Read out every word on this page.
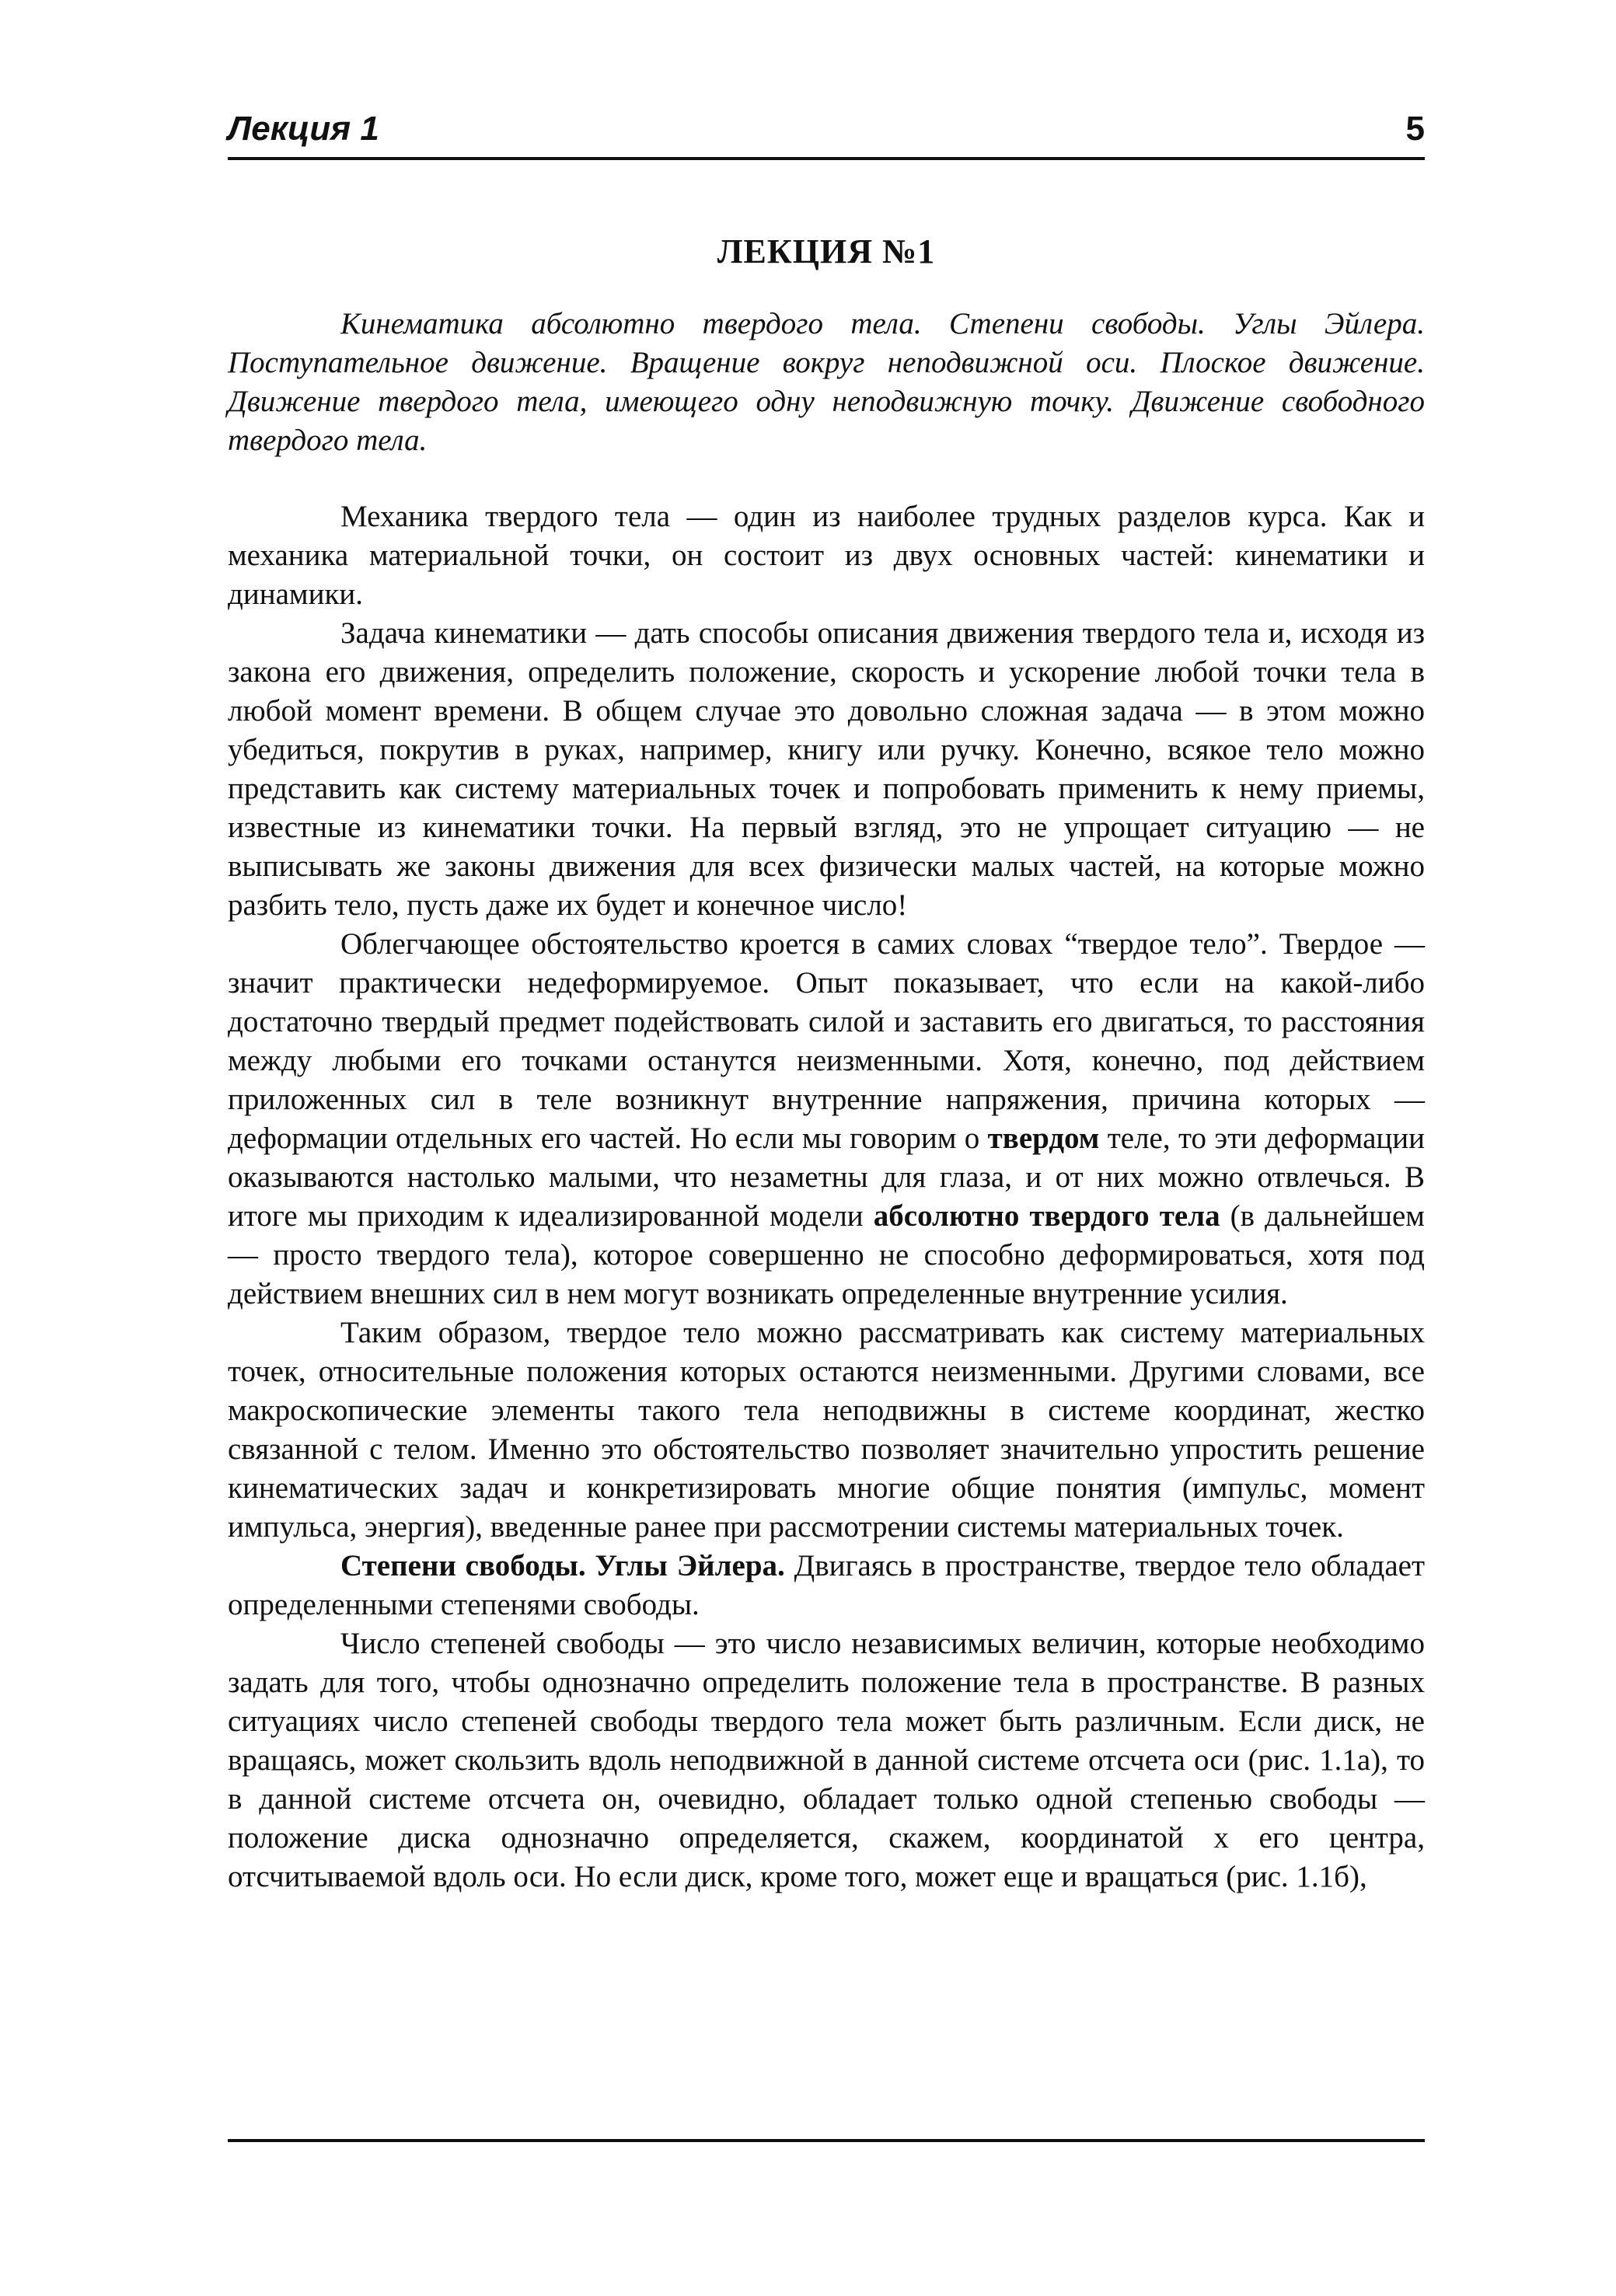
Лекция 1	5
ЛЕКЦИЯ №1

Кинематика абсолютно твердого тела. Степени свободы. Углы Эйлера. Поступательное движение. Вращение вокруг неподвижной оси. Плоское движение. Движение твердого тела, имеющего одну неподвижную точку. Движение свободного твердого тела.

Механика твердого тела — один из наиболее трудных разделов курса. Как и механика материальной точки, он состоит из двух основных частей: кинематики и динамики.

Задача кинематики — дать способы описания движения твердого тела и, исходя из закона его движения, определить положение, скорость и ускорение любой точки тела в любой момент времени. В общем случае это довольно сложная задача — в этом можно убедиться, покрутив в руках, например, книгу или ручку. Конечно, всякое тело можно представить как систему материальных точек и попробовать применить к нему приемы, известные из кинематики точки. На первый взгляд, это не упрощает ситуацию — не выписывать же законы движения для всех физически малых частей, на которые можно разбить тело, пусть даже их будет и конечное число!

Облегчающее обстоятельство кроется в самих словах “твердое тело”. Твердое — значит практически недеформируемое. Опыт показывает, что если на какой-либо достаточно твердый предмет подействовать силой и заставить его двигаться, то расстояния между любыми его точками останутся неизменными. Хотя, конечно, под действием приложенных сил в теле возникнут внутренние напряжения, причина которых — деформации отдельных его частей. Но если мы говорим о твердом теле, то эти деформации оказываются настолько малыми, что незаметны для глаза, и от них можно отвлечься. В итоге мы приходим к идеализированной модели абсолютно твердого тела (в дальнейшем — просто твердого тела), которое совершенно не способно деформироваться, хотя под действием внешних сил в нем могут возникать определенные внутренние усилия.

Таким образом, твердое тело можно рассматривать как систему материальных точек, относительные положения которых остаются неизменными. Другими словами, все макроскопические элементы такого тела неподвижны в системе координат, жестко связанной с телом. Именно это обстоятельство позволяет значительно упростить решение кинематических задач и конкретизировать многие общие понятия (импульс, момент импульса, энергия), введенные ранее при рассмотрении системы материальных точек.

Степени свободы. Углы Эйлера. Двигаясь в пространстве, твердое тело обладает определенными степенями свободы.

Число степеней свободы — это число независимых величин, которые необходимо задать для того, чтобы однозначно определить положение тела в пространстве. В разных ситуациях число степеней свободы твердого тела может быть различным. Если диск, не вращаясь, может скользить вдоль неподвижной в данной системе отсчета оси (рис. 1.1а), то в данной системе отсчета он, очевидно, обладает только одной степенью свободы — положение диска однозначно определяется, скажем, координатой x его центра, отсчитываемой вдоль оси. Но если диск, кроме того, может еще и вращаться (рис. 1.1б),
